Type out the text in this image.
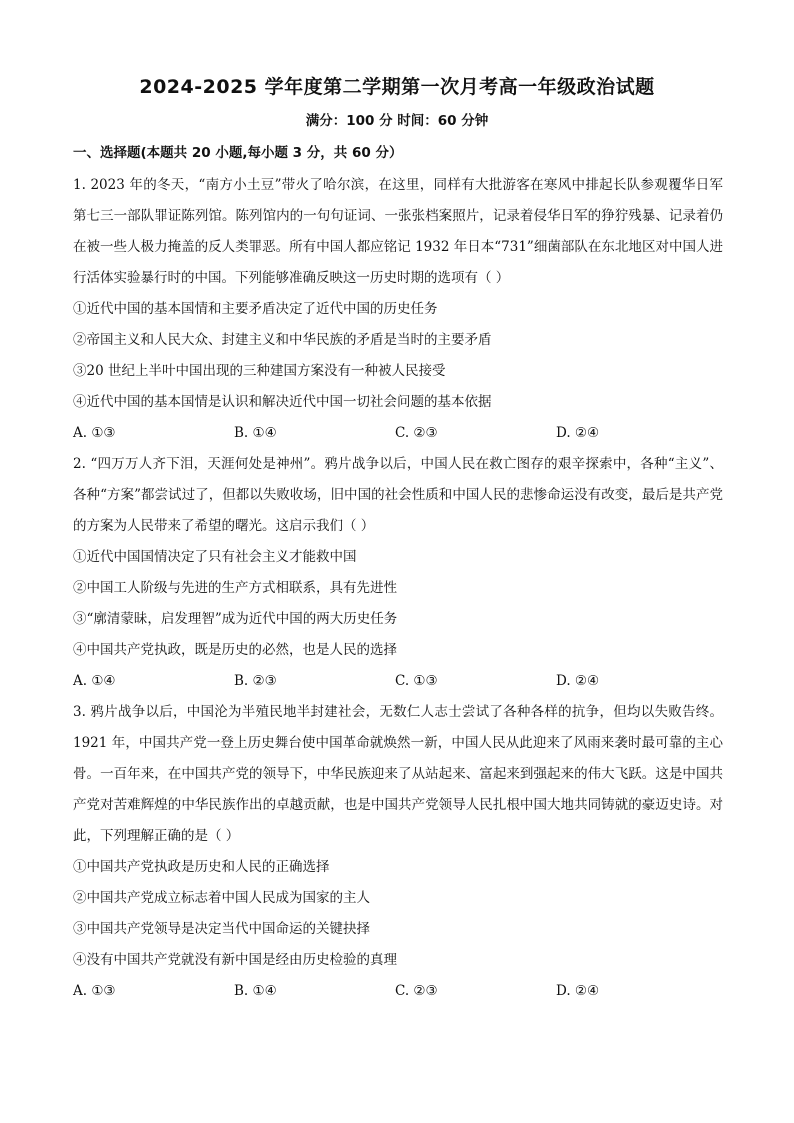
2024-2025 学年度第二学期第一次月考高一年级政治试题
满分：100 分 时间：60 分钟
一、选择题(本题共 20 小题,每小题 3 分，共 60 分）

1. 2023 年的冬天，“南方小土豆”带火了哈尔滨，在这里，同样有大批游客在寒风中排起长队参观覆华日军第七三一部队罪证陈列馆。陈列馆内的一句句证词、一张张档案照片，记录着侵华日军的狰狞残暴、记录着仍在被一些人极力掩盖的反人类罪恶。所有中国人都应铭记 1932 年日本“731”细菌部队在东北地区对中国人进行活体实验暴行时的中国。下列能够准确反映这一历史时期的选项有（ ）

①近代中国的基本国情和主要矛盾决定了近代中国的历史任务

②帝国主义和人民大众、封建主义和中华民族的矛盾是当时的主要矛盾

③20 世纪上半叶中国出现的三种建国方案没有一种被人民接受

④近代中国的基本国情是认识和解决近代中国一切社会问题的基本依据

A. ①③	B. ①④	C. ②③	D. ②④

2. “四万万人齐下泪，天涯何处是神州”。鸦片战争以后，中国人民在救亡图存的艰辛探索中，各种“主义”、各种“方案”都尝试过了，但都以失败收场，旧中国的社会性质和中国人民的悲惨命运没有改变，最后是共产党的方案为人民带来了希望的曙光。这启示我们（ ）

①近代中国国情决定了只有社会主义才能救中国

②中国工人阶级与先进的生产方式相联系，具有先进性

③“廓清蒙昧，启发理智”成为近代中国的两大历史任务

④中国共产党执政，既是历史的必然，也是人民的选择

A. ①④	B. ②③	C. ①③	D. ②④

3. 鸦片战争以后，中国沦为半殖民地半封建社会，无数仁人志士尝试了各种各样的抗争，但均以失败告终。1921 年，中国共产党一登上历史舞台使中国革命就焕然一新，中国人民从此迎来了风雨来袭时最可靠的主心骨。一百年来，在中国共产党的领导下，中华民族迎来了从站起来、富起来到强起来的伟大飞跃。这是中国共产党对苦难辉煌的中华民族作出的卓越贡献，也是中国共产党领导人民扎根中国大地共同铸就的豪迈史诗。对此，下列理解正确的是（ ）

①中国共产党执政是历史和人民的正确选择

②中国共产党成立标志着中国人民成为国家的主人

③中国共产党领导是决定当代中国命运的关键抉择

④没有中国共产党就没有新中国是经由历史检验的真理

A. ①③	B. ①④	C. ②③	D. ②④
